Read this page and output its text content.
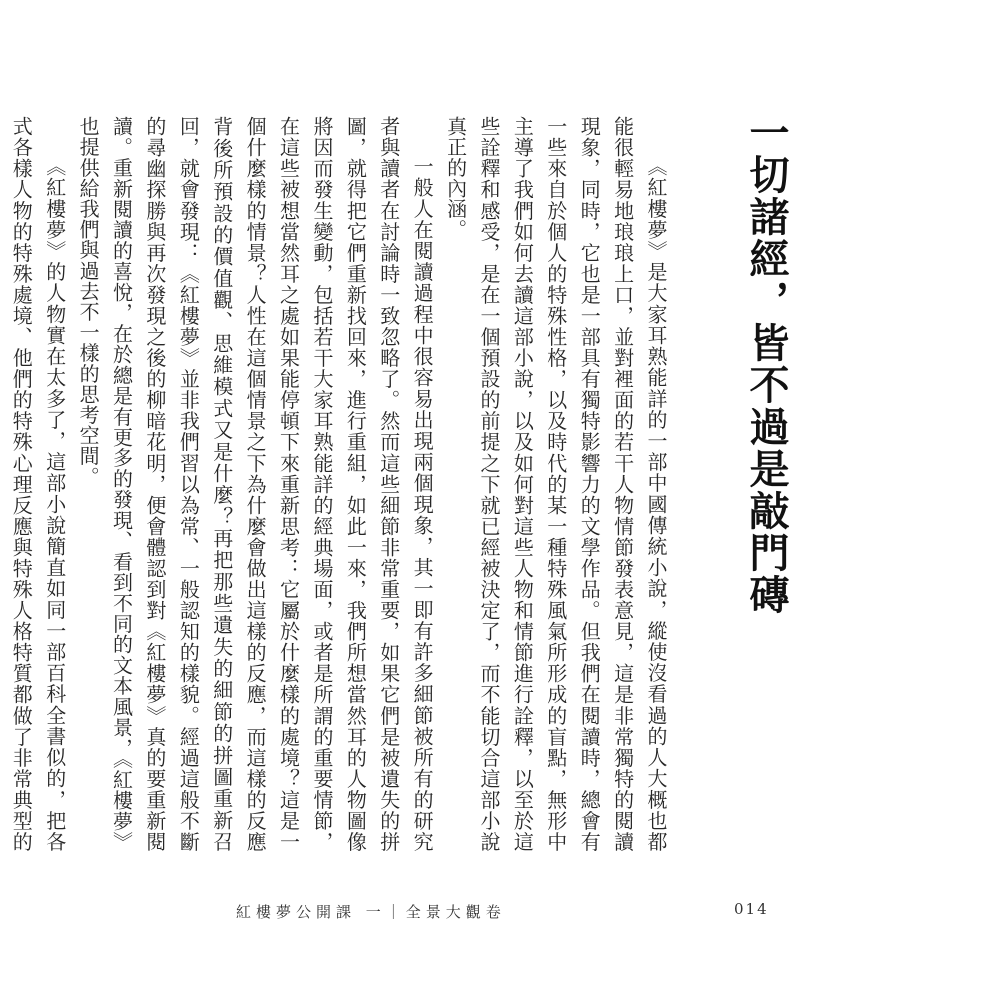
一切諸經，皆不過是敲門磚

《紅樓夢》是大家耳熟能詳的一部中國傳統小說，縱使沒看過的人大概也都能很輕易地琅琅上口，並對裡面的若干人物情節發表意見，這是非常獨特的閱讀現象，同時，它也是一部具有獨特影響力的文學作品。但我們在閱讀時，總會有一些來自於個人的特殊性格，以及時代的某一種特殊風氣所形成的盲點，無形中主導了我們如何去讀這部小說，以及如何對這些人物和情節進行詮釋，以至於這些詮釋和感受，是在一個預設的前提之下就已經被決定了，而不能切合這部小說真正的內涵。

一般人在閱讀過程中很容易出現兩個現象，其一即有許多細節被所有的研究者與讀者在討論時一致忽略了。然而這些細節非常重要，如果它們是被遺失的拼圖，就得把它們重新找回來，進行重組，如此一來，我們所想當然耳的人物圖像將因而發生變動，包括若干大家耳熟能詳的經典場面，或者是所謂的重要情節，在這些被想當然耳之處如果能停頓下來重新思考：它屬於什麼樣的處境？這是一個什麼樣的情景？人性在這個情景之下為什麼會做出這樣的反應，而這樣的反應背後所預設的價值觀、思維模式又是什麼？再把那些遺失的細節的拼圖重新召回，就會發現：《紅樓夢》並非我們習以為常、一般認知的樣貌。經過這般不斷的尋幽探勝與再次發現之後的柳暗花明，便會體認到對《紅樓夢》真的要重新閱讀。重新閱讀的喜悅，在於總是有更多的發現、看到不同的文本風景，《紅樓夢》也提供給我們與過去不一樣的思考空間。

《紅樓夢》的人物實在太多了，這部小說簡直如同一部百科全書似的，把各式各樣人物的特殊處境、他們的特殊心理反應與特殊人格特質都做了非常典型的

紅樓夢公開課 一｜全景大觀卷	014
